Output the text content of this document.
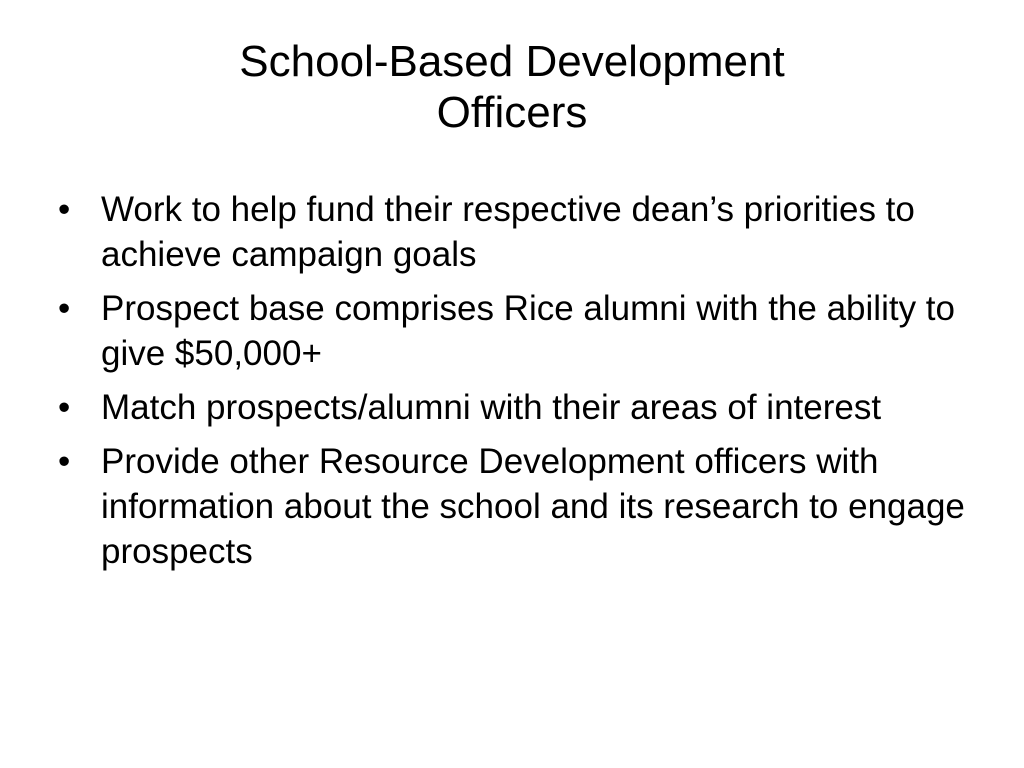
School-Based Development
Officers
• Work to help fund their respective dean’s priorities to achieve campaign goals
• Prospect base comprises Rice alumni with the ability to give $50,000+
• Match prospects/alumni with their areas of interest
• Provide other Resource Development officers with information about the school and its research to engage prospects
